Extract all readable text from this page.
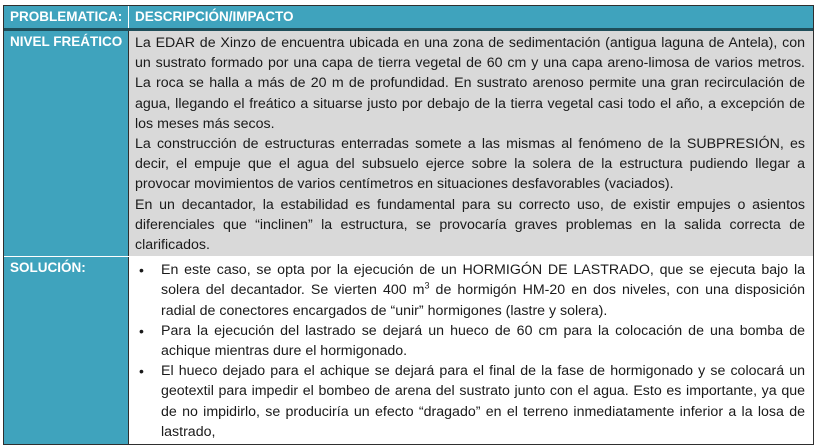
PROBLEMATICA: DESCRIPCIÓN/IMPACTO
NIVEL FREÁTICO La EDAR de Xinzo de encuentra ubicada en una zona de sedimentación (antigua laguna de Antela), con un sustrato formado por una capa de tierra vegetal de 60 cm y una capa areno-limosa de varios metros. La roca se halla a más de 20 m de profundidad. En sustrato arenoso permite una gran recirculación de agua, llegando el freático a situarse justo por debajo de la tierra vegetal casi todo el año, a excepción de los meses más secos.

La construcción de estructuras enterradas somete a las mismas al fenómeno de la SUBPRESIÓN, es decir, el empuje que el agua del subsuelo ejerce sobre la solera de la estructura pudiendo llegar a provocar movimientos de varios centímetros en situaciones desfavorables (vaciados).

En un decantador, la estabilidad es fundamental para su correcto uso, de existir empujes o asientos diferenciales que “inclinen” la estructura, se provocaría graves problemas en la salida correcta de clarificados.

SOLUCIÓN:	• En este caso, se opta por la ejecución de un HORMIGÓN DE LASTRADO, que se ejecuta bajo la solera del decantador. Se vierten 400 $m^3$ de hormigón HM-20 en dos niveles, con una disposición radial de conectores encargados de “unir” hormigones (lastre y solera).
• Para la ejecución del lastrado se dejará un hueco de 60 cm para la colocación de una bomba de achique mientras dure el hormigonado.
• El hueco dejado para el achique se dejará para el final de la fase de hormigonado y se colocará un geotextil para impedir el bombeo de arena del sustrato junto con el agua. Esto es importante, ya que de no impidirlo, se produciría un efecto “dragado” en el terreno inmediatamente inferior a la losa de lastrado,
